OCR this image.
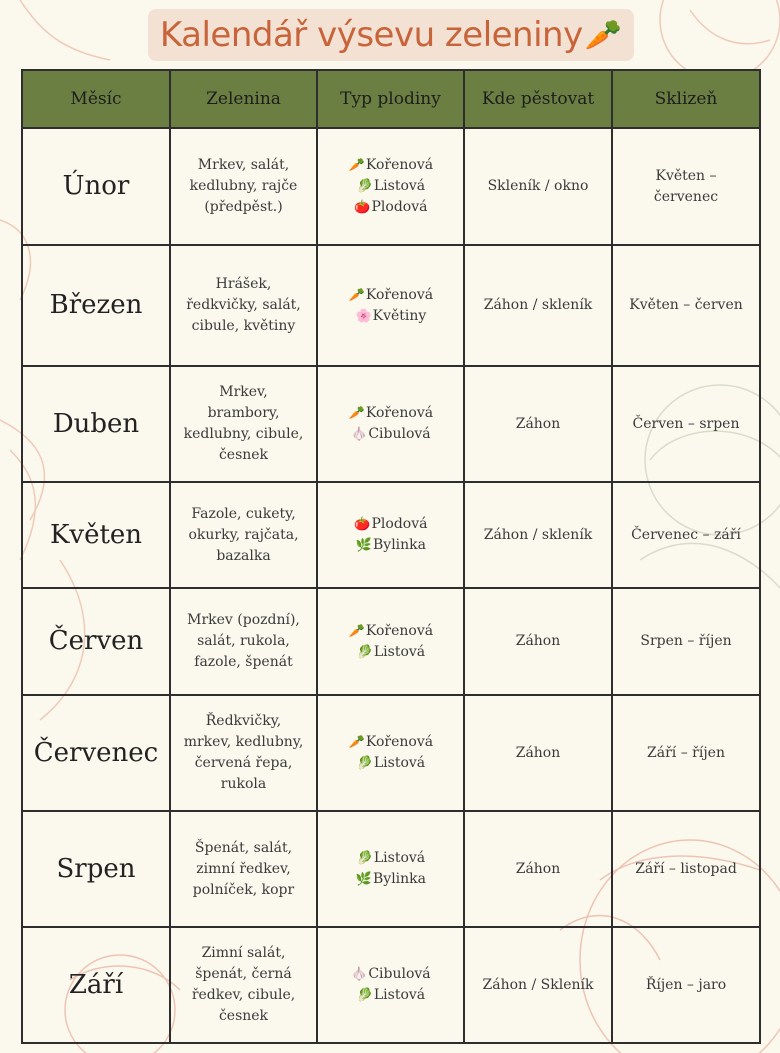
Kalendář výsevu zeleniny 🥕
Měsíc	Zelenina	Typ plodiny	Kde pěstovat	Sklizeň
Únor	Mrkev, salát,
kedlubny, rajče
(předpěst.)	🥕Kořenová
🥬Listová
🍅Plodová	Skleník / okno	Květen –
červenec

Březen	Hrášek,
ředkvičky, salát,
cibule, květiny	🥕Kořenová
🌸Květiny	Záhon / skleník	Květen – červen

Duben	Mrkev,
brambory,
kedlubny, cibule,
česnek	🥕Kořenová
🧄Cibulová	Záhon	Červen – srpen

Květen	Fazole, cukety,
okurky, rajčata,
bazalka	🍅Plodová
🌿Bylinka	Záhon / skleník	Červenec – září

Červen	Mrkev (pozdní),
salát, rukola,
fazole, špenát	🥕Kořenová
🥬Listová	Záhon	Srpen – říjen

Červenec	Ředkvičky,
mrkev, kedlubny,
červená řepa,
rukola	🥕Kořenová
🥬Listová	Záhon	Září – říjen

Srpen	Špenát, salát,
zimní ředkev,
polníček, kopr	🥬Listová
🌿Bylinka	Záhon	Září – listopad

Září	Zimní salát,
špenát, černá
ředkev, cibule,
česnek	🧄Cibulová
🥬Listová	Záhon / Skleník	Říjen – jaro
